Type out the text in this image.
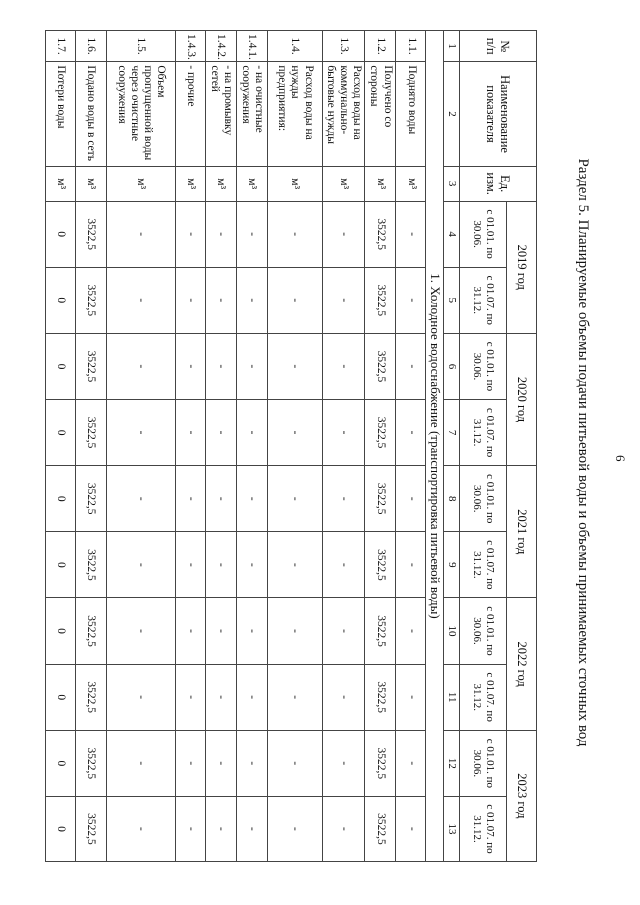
6
Раздел 5. Планируемые объемы подачи питьевой воды и объемы принимаемых сточных вод
№ п/п	Наименование показателя	Ед. изм.	2019 год		2020 год		2021 год		2022 год		2023 год	
			с 01.01. по 30.06.	с 01.07. по 31.12.	с 01.01. по 30.06.	с 01.07. по 31.12.	с 01.01. по 30.06.	с 01.07. по 31.12.	с 01.01. по 30.06.	с 01.07. по 31.12.	с 01.01. по 30.06.	с 01.07. по 31.12.
1	2	3	4	5	6	7	8	9	10	11	12	13
1. Холодное водоснабжение (транспортировка питьевой воды)												
1.1.	Поднято воды	м³	-	-	-	-	-	-	-	-	-	-
1.2.	Получено со стороны	м³	3522,5	3522,5	3522,5	3522,5	3522,5	3522,5	3522,5	3522,5	3522,5	3522,5
1.3.	Расход воды на коммунально-бытовые нужды	м³	-	-	-	-	-	-	-	-	-	-
1.4.	Расход воды на нужды предприятия:	м³	-	-	-	-	-	-	-	-	-	-
1.4.1.	- на очистные сооружения	м³	-	-	-	-	-	-	-	-	-	-
1.4.2.	- на промывку сетей	м³	-	-	-	-	-	-	-	-	-	-
1.4.3.	- прочие	м³	-	-	-	-	-	-	-	-	-	-
1.5.	Объем пропущенной воды через очистные сооружения	м³	-	-	-	-	-	-	-	-	-	-
1.6.	Подано воды в сеть	м³	3522,5	3522,5	3522,5	3522,5	3522,5	3522,5	3522,5	3522,5	3522,5	3522,5
1.7.	Потери воды	м³	0	0	0	0	0	0	0	0	0	0
